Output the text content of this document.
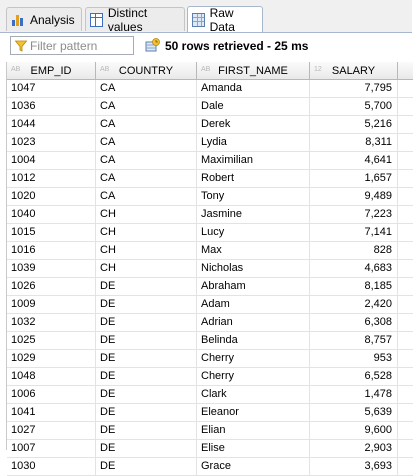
Analysis	Distinct values
Raw Data
Filter pattern
50 rows retrieved - 25 ms
AB EMP_ID	AB COUNTRY	AB FIRST_NAME	12 SALARY
1047	CA	Amanda	7,795
1036	CA	Dale	5,700
1044	CA	Derek	5,216
1023	CA	Lydia	8,311
1004	CA	Maximilian	4,641
1012	CA	Robert	1,657
1020	CA	Tony	9,489
1040	CH	Jasmine	7,223
1015	CH	Lucy	7,141
1016	CH	Max	828
1039	CH	Nicholas	4,683
1026	DE	Abraham	8,185
1009	DE	Adam	2,420
1032	DE	Adrian	6,308
1025	DE	Belinda	8,757
1029	DE	Cherry	953
1048	DE	Cherry	6,528
1006	DE	Clark	1,478
1041	DE	Eleanor	5,639
1027	DE	Elian	9,600
1007	DE	Elise	2,903
1030	DE	Grace	3,693
